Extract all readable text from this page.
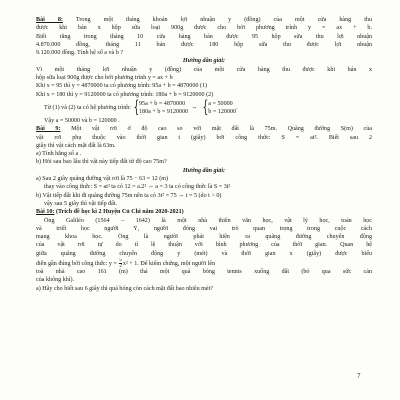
Bài 8: Trong một tháng khoản lợi nhuận y (đồng) của một cửa hàng thu
được khi bán x hộp sữa loại 900g được cho bởi phương trình y = ax + b.
Biết rằng trong tháng 10 cửa hàng bán được 95 hộp sữa thu lợi nhuận
4.870.000 đồng, tháng 11 bán được 180 hộp sữa thu được lợi nhuận
9.120.000 đồng. Tính hệ số a và b ?
Hướng dẫn giải:
Vì một tháng lợi nhuận y (đồng) của một cửa hàng thu được khi bán x
hộp sữa loại 900g được cho bởi phương trình y = ax + b
Khi x = 95 thì y = 4870000 ta có phương trình: 95a + b = 4870000 (1)
Khi x = 180 thì y = 9120000 ta có phương trình: 180a + b = 9120000 (2)
Từ (1) và (2) ta có hệ phương trình: { 95a + b = 4870000
180a + b = 9120000
⇔ { a = 50000
b = 120000
.
Vậy a = 50000 và b = 120000 .
Bài 9: Một vật rơi ở độ cao so với mặt đất là 75m. Quãng đường S(m) của
vật rơi phụ thuộc vào thời gian t (giây) bởi công thức: S = at². Biết sau 2
giây thì vật cách mặt đất là 63m.
a) Tính hằng số a .
b) Hỏi sau bao lâu thì vật này tiếp đất từ độ cao 75m?
Hướng dẫn giải:
a) Sau 2 giây quãng đường vật rơi là 75 − 63 = 12 (m)
thay vào công thức: S = at² ta có 12 = a.2² ⇔ a = 3 ta có công thức là S = 3t²
b) Vật tiếp đất khi đi quãng đường 75m nên ta có 3t² = 75 ⇔ t = 5 (do t > 0)
vậy sau 5 giây thì vật tiếp đất.
Bài 10: (Trích đề học kì 2 Huyện Củ Chi năm 2020-2021)
Ông Galiléo (1564 – 1642) là một nhà thiên văn học, vật lý học, toán học
và triết học người Ý, người đóng vai trò quan trọng trong cuộc cách
mạng khoa học. Ông là người phát hiện ra quãng đường chuyển động
của vật rơi tự do tỉ lệ thuận với bình phương của thời gian. Quan hệ
giữa quãng đường chuyển động y (mét) và thời gian x (giây) được biểu
diễn gần đúng bởi công thức: $y = \frac{5}{2} x^2 + 1$. Để kiểm chứng, một người lên
toà nhà cao 161 (m) thả một quả bóng tennis xuống đất (bỏ qua sức cản
của không khí).
a) Hãy cho biết sau 6 giây thì quả bóng còn cách mặt đất bao nhiêu mét?
7
